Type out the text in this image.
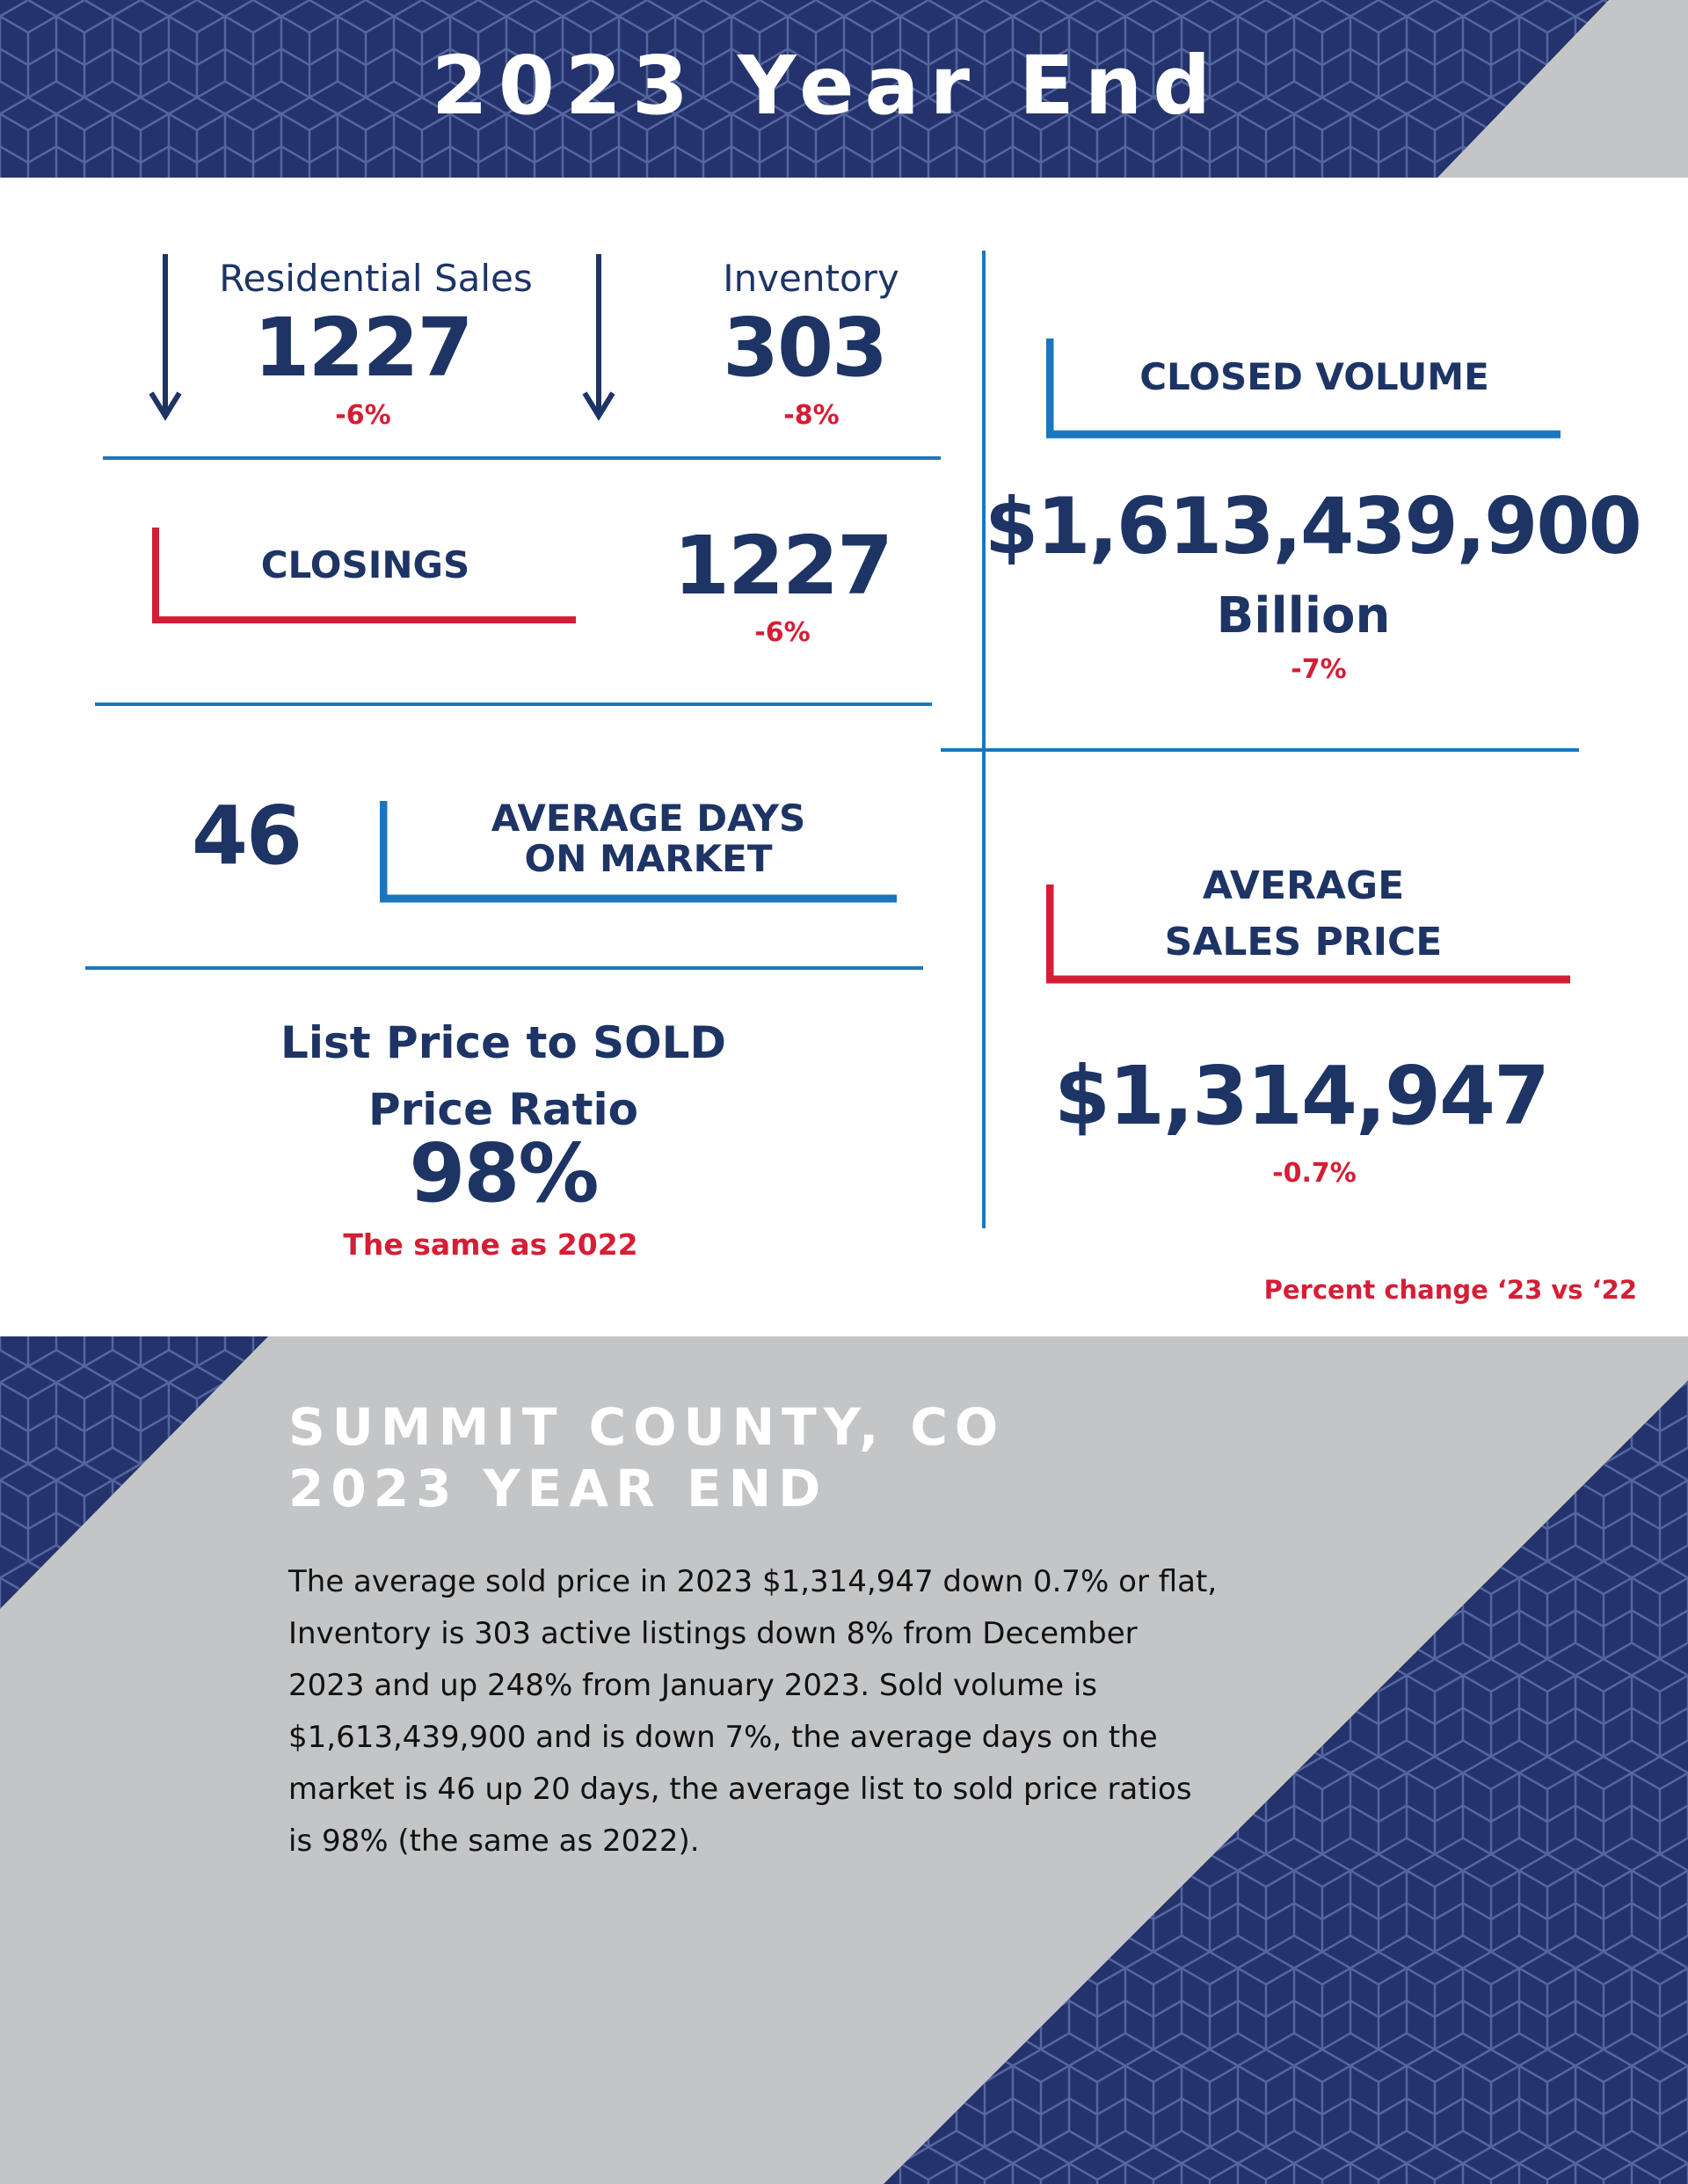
2023 Year End
Residential Sales
1227
-6%
Inventory
303
-8%
CLOSINGS	1227
-6%
CLOSED VOLUME
$1,613,439,900
Billion
-7%
46	AVERAGE DAYS
ON MARKET
AVERAGE
SALES PRICE
$1,314,947
-0.7%
List Price to SOLD
Price Ratio
98%
The same as 2022
Percent change ‘23 vs ‘22
SUMMIT COUNTY, CO
2023 YEAR END
The average sold price in 2023 $1,314,947 down 0.7% or flat,
Inventory is 303 active listings down 8% from December
2023 and up 248% from January 2023. Sold volume is
$1,613,439,900 and is down 7%, the average days on the
market is 46 up 20 days, the average list to sold price ratios
is 98% (the same as 2022).
